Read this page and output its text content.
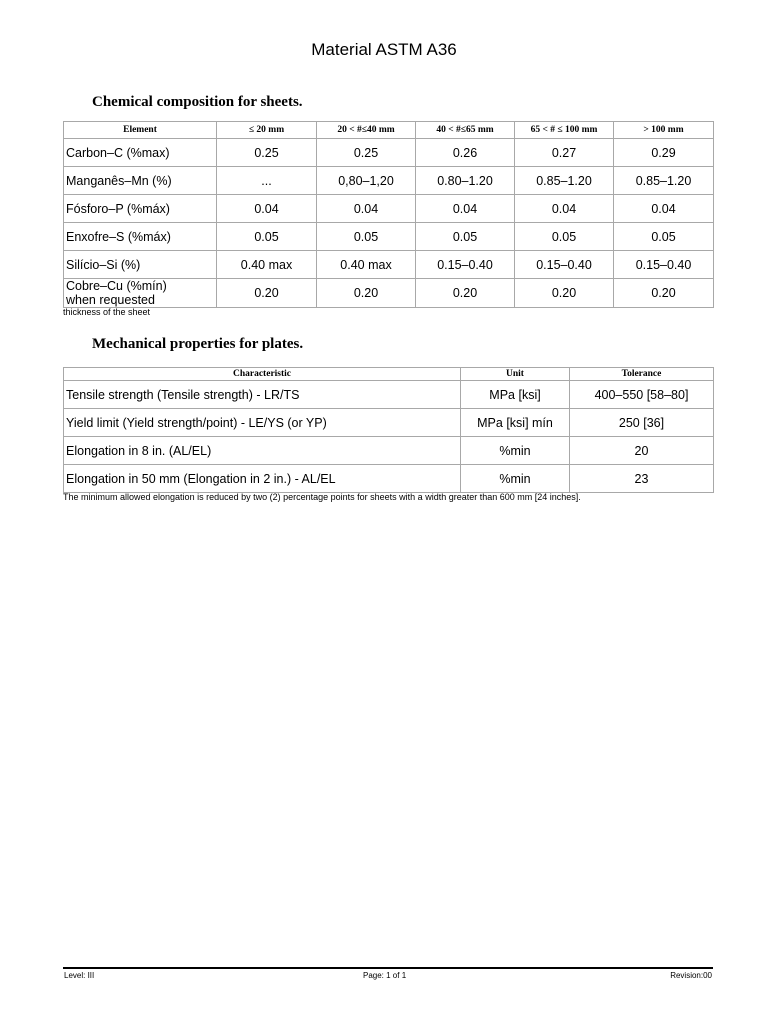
Material ASTM A36
Chemical composition for sheets.
Element	≤ 20 mm	20 < #≤40 mm	40 < #≤65 mm	65 < # ≤ 100 mm	> 100 mm
Carbon–C (%max)	0.25	0.25	0.26	0.27	0.29
Manganês–Mn (%)	...	0,80–1,20	0.80–1.20	0.85–1.20	0.85–1.20
Fósforo–P (%máx)	0.04	0.04	0.04	0.04	0.04
Enxofre–S (%máx)	0.05	0.05	0.05	0.05	0.05
Silício–Si (%)	0.40 max	0.40 max	0.15–0.40	0.15–0.40	0.15–0.40
Cobre–Cu (%mín)
when requested	0.20	0.20	0.20	0.20	0.20
thickness of the sheet
Mechanical properties for plates.
Characteristic	Unit	Tolerance
Tensile strength (Tensile strength) - LR/TS	MPa [ksi]	400–550 [58–80]
Yield limit (Yield strength/point) - LE/YS (or YP)	MPa [ksi] mín	250 [36]
Elongation in 8 in. (AL/EL)	%min	20
Elongation in 50 mm (Elongation in 2 in.) - AL/EL	%min	23
The minimum allowed elongation is reduced by two (2) percentage points for sheets with a width greater than 600 mm [24 inches].
Level: III	Page: 1 of 1	Revision:00
